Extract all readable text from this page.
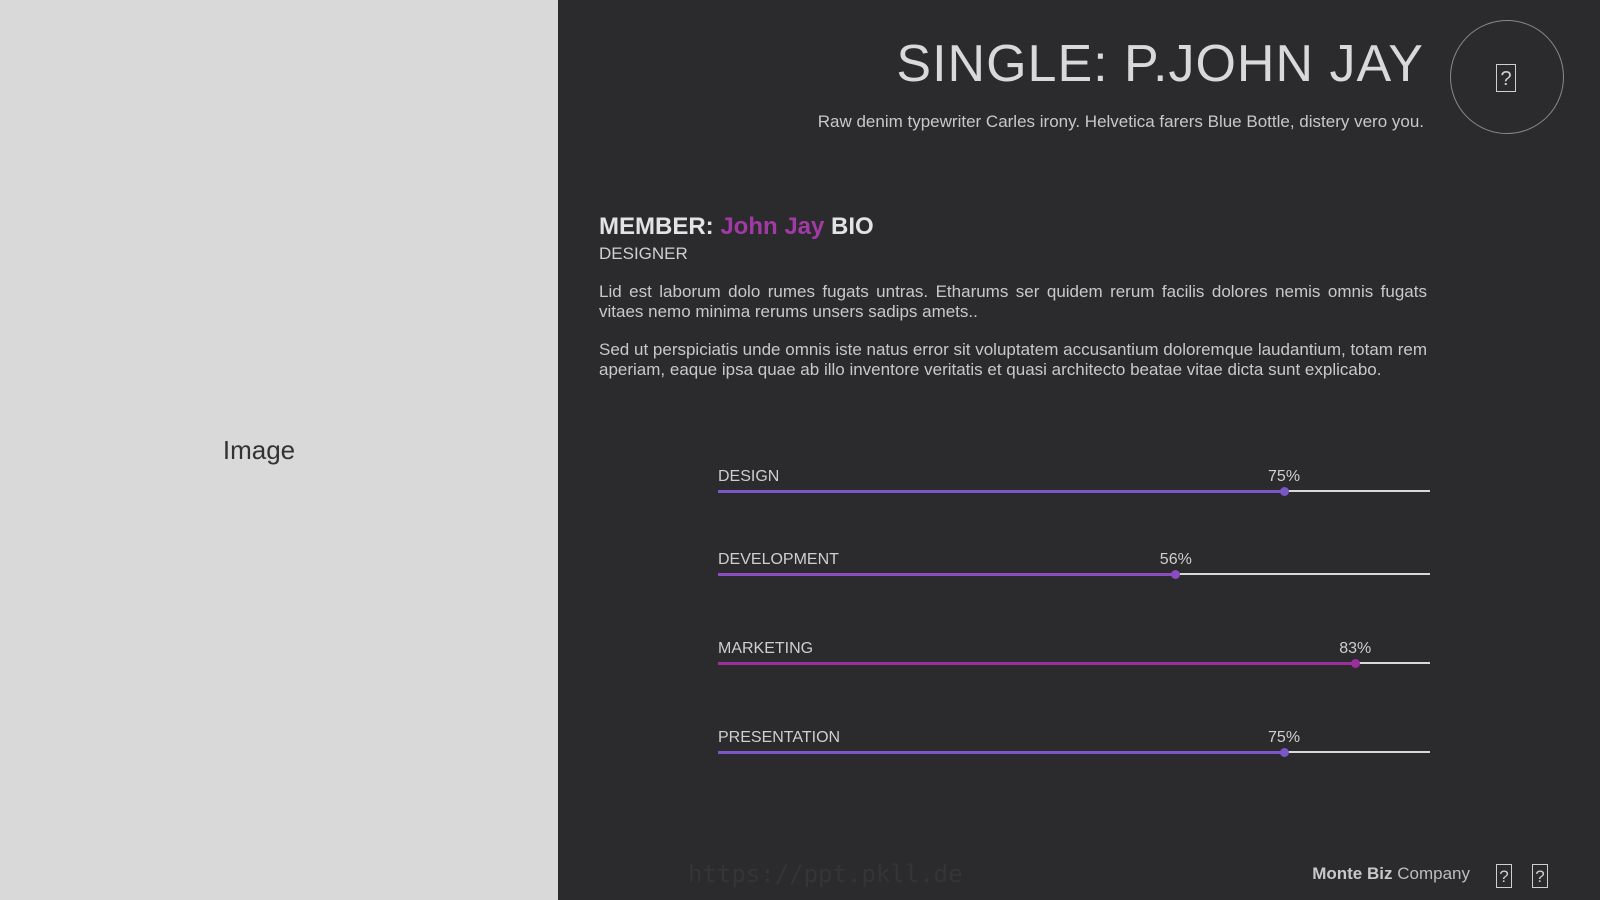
Image
SINGLE: P.JOHN JAY
Raw denim typewriter Carles irony. Helvetica farers Blue Bottle, distery vero you.
?
MEMBER: John Jay BIO
DESIGNER

Lid est laborum dolo rumes fugats untras. Etharums ser quidem rerum facilis dolores nemis omnis fugats vitaes nemo minima rerums unsers sadips amets..

Sed ut perspiciatis unde omnis iste natus error sit voluptatem accusantium doloremque laudantium, totam rem aperiam, eaque ipsa quae ab illo inventore veritatis et quasi architecto beatae vitae dicta sunt explicabo.

DESIGN	75%
DEVELOPMENT	56%
MARKETING	83%
PRESENTATION	75%
https://ppt.pkll.de	Monte Biz Company ? ?
